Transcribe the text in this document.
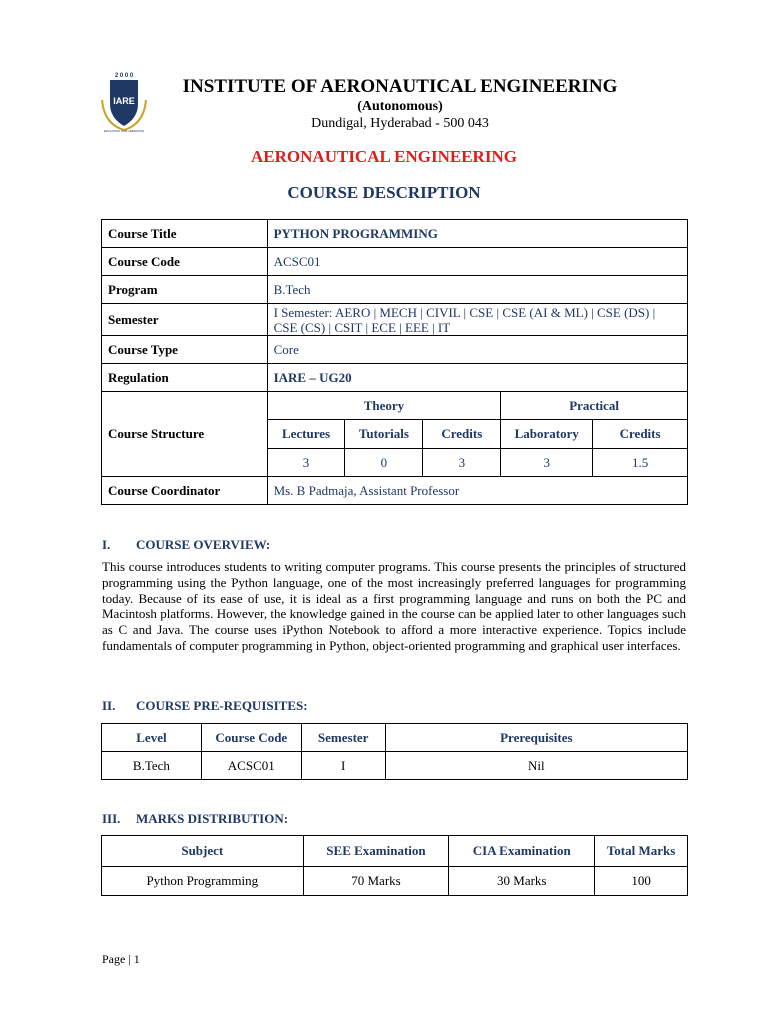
2 0 0 0
IARE
EDUCATION FOR LIBERATION
INSTITUTE OF AERONAUTICAL ENGINEERING
(Autonomous)
Dundigal, Hyderabad - 500 043
AERONAUTICAL ENGINEERING
COURSE DESCRIPTION
Course Title	PYTHON PROGRAMMING				
Course Code	ACSC01				
Program	B.Tech				
Semester	I Semester: AERO | MECH | CIVIL | CSE | CSE (AI & ML) | CSE (DS) | CSE (CS) | CSIT | ECE | EEE | IT				
Course Type	Core				
Regulation	IARE – UG20				
Course Structure	Theory			Practical	
	Lectures	Tutorials	Credits	Laboratory	Credits
	3	0	3	3	1.5
Course Coordinator	Ms. B Padmaja, Assistant Professor				
I. COURSE OVERVIEW:
This course introduces students to writing computer programs. This course presents the principles of structured programming using the Python language, one of the most increasingly preferred languages for programming today. Because of its ease of use, it is ideal as a first programming language and runs on both the PC and Macintosh platforms. However, the knowledge gained in the course can be applied later to other languages such as C and Java. The course uses iPython Notebook to afford a more interactive experience. Topics include fundamentals of computer programming in Python, object-oriented programming and graphical user interfaces.
II. COURSE PRE-REQUISITES:
Level	Course Code	Semester	Prerequisites
B.Tech	ACSC01	I	Nil
III. MARKS DISTRIBUTION:
Subject	SEE Examination	CIA Examination	Total Marks
Python Programming	70 Marks	30 Marks	100
Page | 1
